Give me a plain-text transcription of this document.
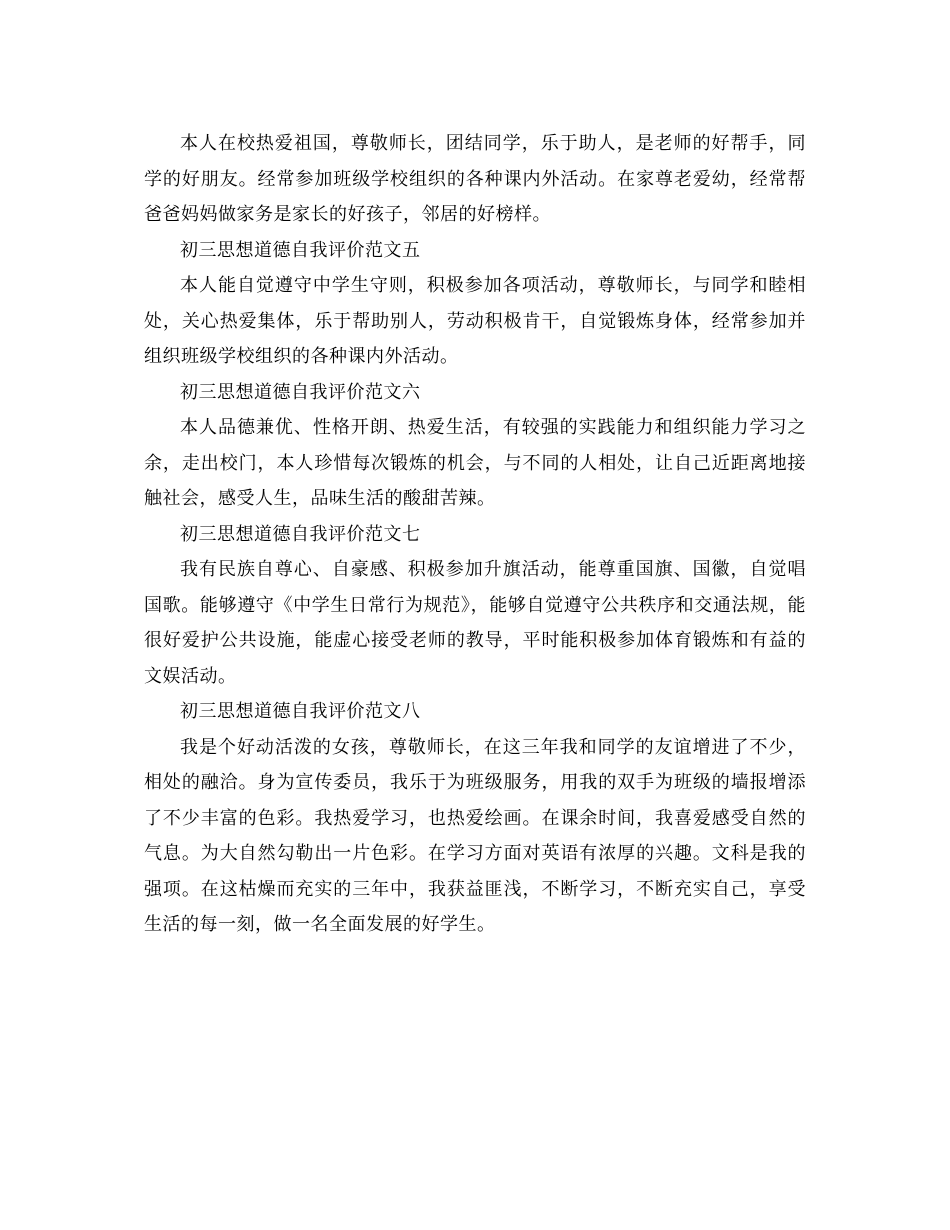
本人在校热爱祖国，尊敬师长，团结同学，乐于助人，是老师的好帮手，同学的好朋友。经常参加班级学校组织的各种课内外活动。在家尊老爱幼，经常帮爸爸妈妈做家务是家长的好孩子，邻居的好榜样。

初三思想道德自我评价范文五

本人能自觉遵守中学生守则，积极参加各项活动，尊敬师长，与同学和睦相处，关心热爱集体，乐于帮助别人，劳动积极肯干，自觉锻炼身体，经常参加并组织班级学校组织的各种课内外活动。

初三思想道德自我评价范文六

本人品德兼优、性格开朗、热爱生活，有较强的实践能力和组织能力学习之余，走出校门，本人珍惜每次锻炼的机会，与不同的人相处，让自己近距离地接触社会，感受人生，品味生活的酸甜苦辣。

初三思想道德自我评价范文七

我有民族自尊心、自豪感、积极参加升旗活动，能尊重国旗、国徽，自觉唱国歌。能够遵守《中学生日常行为规范》，能够自觉遵守公共秩序和交通法规，能很好爱护公共设施，能虚心接受老师的教导，平时能积极参加体育锻炼和有益的文娱活动。

初三思想道德自我评价范文八

我是个好动活泼的女孩，尊敬师长，在这三年我和同学的友谊增进了不少，相处的融洽。身为宣传委员，我乐于为班级服务，用我的双手为班级的墙报增添了不少丰富的色彩。我热爱学习，也热爱绘画。在课余时间，我喜爱感受自然的气息。为大自然勾勒出一片色彩。在学习方面对英语有浓厚的兴趣。文科是我的强项。在这枯燥而充实的三年中，我获益匪浅，不断学习，不断充实自己，享受生活的每一刻，做一名全面发展的好学生。
